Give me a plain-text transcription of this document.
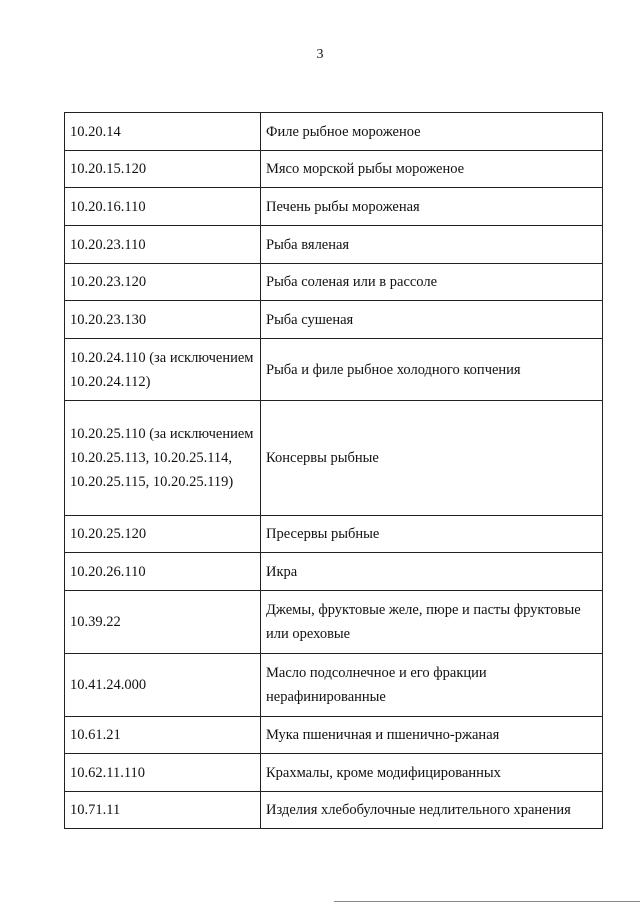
3
10.20.14	Филе рыбное мороженое
10.20.15.120	Мясо морской рыбы мороженое
10.20.16.110	Печень рыбы мороженая
10.20.23.110	Рыба вяленая
10.20.23.120	Рыба соленая или в рассоле
10.20.23.130	Рыба сушеная
10.20.24.110 (за исключением 10.20.24.112)	Рыба и филе рыбное холодного копчения
10.20.25.110 (за исключением 10.20.25.113, 10.20.25.114, 10.20.25.115, 10.20.25.119)	Консервы рыбные
10.20.25.120	Пресервы рыбные
10.20.26.110	Икра
10.39.22	Джемы, фруктовые желе, пюре и пасты фруктовые или ореховые
10.41.24.000	Масло подсолнечное и его фракции нерафинированные
10.61.21	Мука пшеничная и пшенично-ржаная
10.62.11.110	Крахмалы, кроме модифицированных
10.71.11	Изделия хлебобулочные недлительного хранения
